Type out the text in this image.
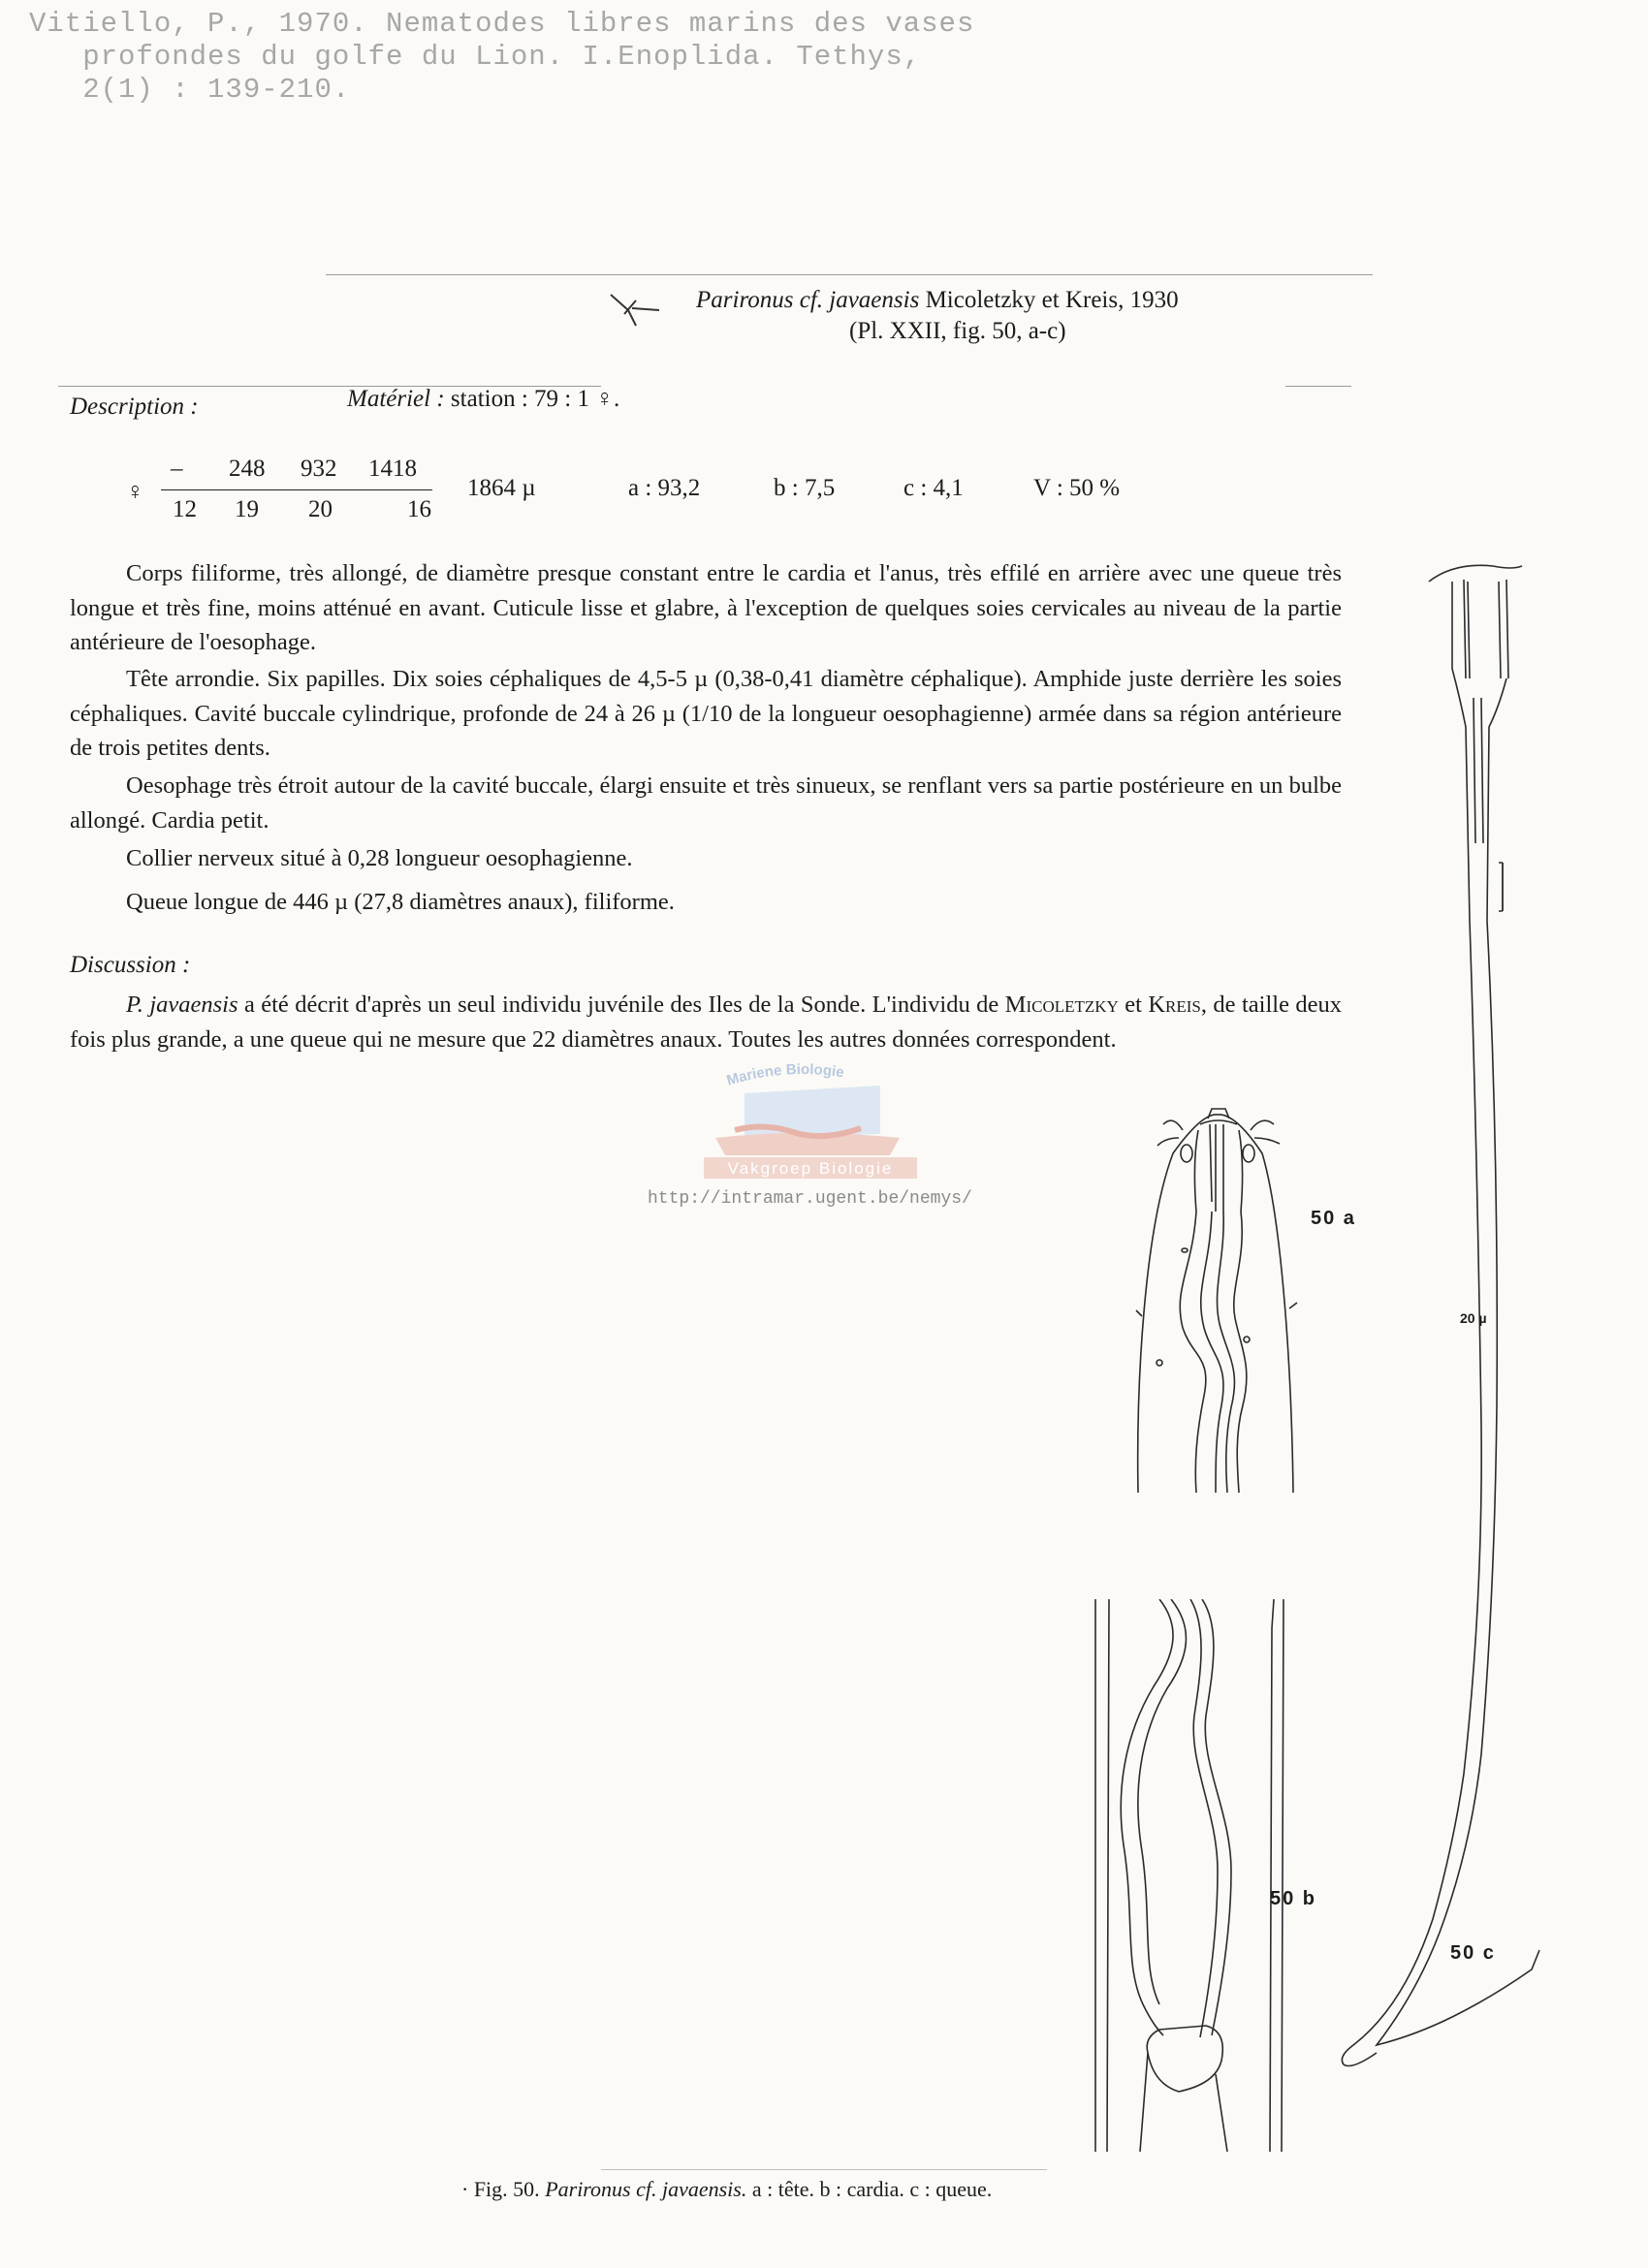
Vitiello, P., 1970. Nematodes libres marins des vases
profondes du golfe du Lion. I.Enoplida. Tethys,
2(1) : 139-210.
Parironus cf. javaensis Micoletzky et Kreis, 1930
(Pl. XXII, fig. 50, a-c)
Description :	Matériel : station : 79 : 1 ♀.
♀
– 248 932 1418
12 19 20	16
1864 µ	a : 93,2	b : 7,5	c : 4,1	V : 50 %
Corps filiforme, très allongé, de diamètre presque constant entre le cardia et l'anus, très effilé en arrière avec une queue très longue et très fine, moins atténué en avant. Cuticule lisse et glabre, à l'exception de quelques soies cervicales au niveau de la partie antérieure de l'oesophage.
Tête arrondie. Six papilles. Dix soies céphaliques de 4,5-5 µ (0,38-0,41 diamètre céphalique). Amphide juste derrière les soies céphaliques. Cavité buccale cylindrique, profonde de 24 à 26 µ (1/10 de la longueur oesophagienne) armée dans sa région antérieure de trois petites dents.
Oesophage très étroit autour de la cavité buccale, élargi ensuite et très sinueux, se renflant vers sa partie postérieure en un bulbe allongé. Cardia petit.
Collier nerveux situé à 0,28 longueur oesophagienne.
Queue longue de 446 µ (27,8 diamètres anaux), filiforme.
Discussion :
P. javaensis a été décrit d'après un seul individu juvénile des Iles de la Sonde. L'individu de Micoletzky et Kreis, de taille deux fois plus grande, a une queue qui ne mesure que 22 diamètres anaux. Toutes les autres données correspondent.
Mariene Biologie
Vakgroep Biologie
http://intramar.ugent.be/nemys/
50 a
50 b
20 µ
50 c
· Fig. 50. Parironus cf. javaensis. a : tête. b : cardia. c : queue.
